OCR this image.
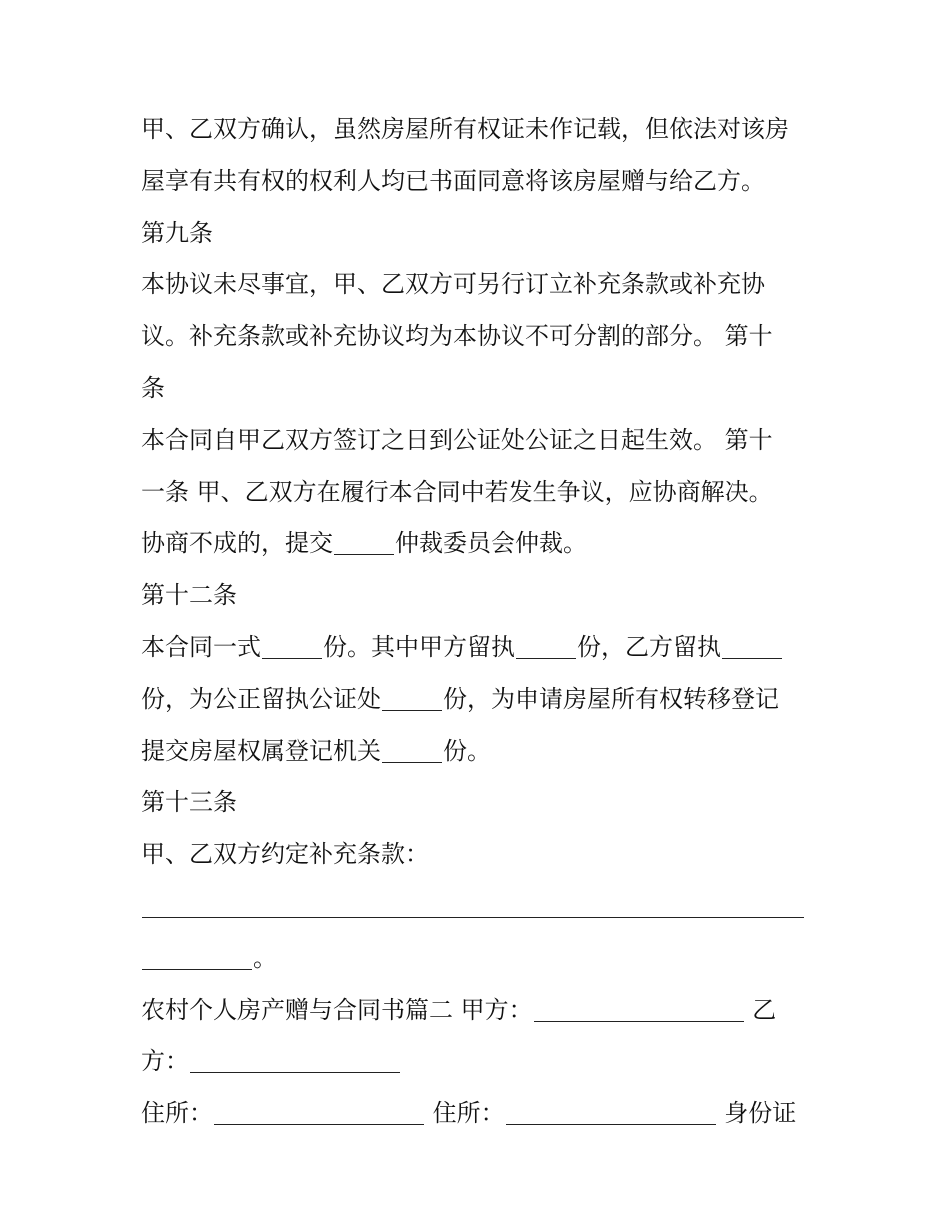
甲、乙双方确认，虽然房屋所有权证未作记载，但依法对该房
屋享有共有权的权利人均已书面同意将该房屋赠与给乙方。
第九条
本协议未尽事宜，甲、乙双方可另行订立补充条款或补充协
议。补充条款或补充协议均为本协议不可分割的部分。 第十
条
本合同自甲乙双方签订之日到公证处公证之日起生效。 第十
一条 甲、乙双方在履行本合同中若发生争议，应协商解决。
协商不成的，提交	仲裁委员会仲裁。
第十二条
本合同一式	份。其中甲方留执	份，乙方留执
份，为公正留执公证处	份，为申请房屋所有权转移登记
提交房屋权属登记机关	份。
第十三条
甲、乙双方约定补充条款：
。
农村个人房产赠与合同书篇二 甲方：	乙
方：
住所：	住所：	身份证
